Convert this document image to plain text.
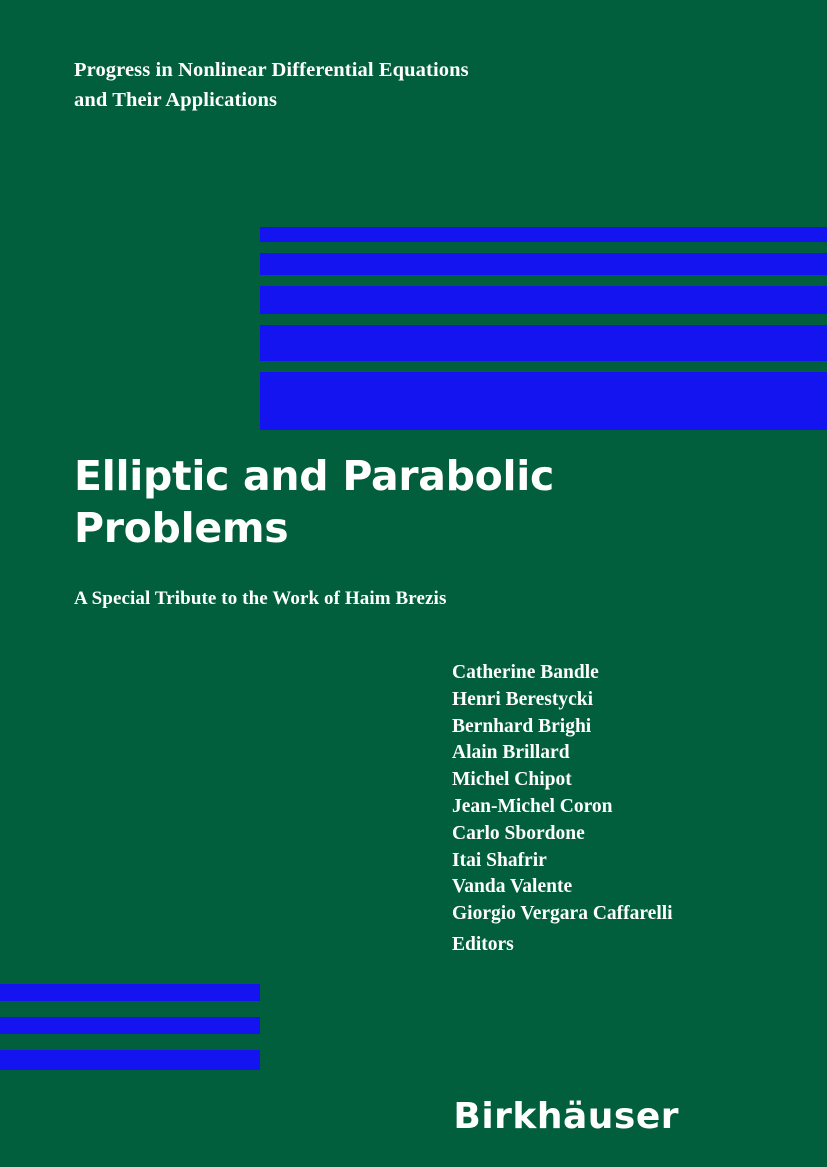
Progress in Nonlinear Differential Equations
and Their Applications
Elliptic and Parabolic
Problems
A Special Tribute to the Work of Haim Brezis
Catherine Bandle
Henri Berestycki
Bernhard Brighi
Alain Brillard
Michel Chipot
Jean-Michel Coron
Carlo Sbordone
Itai Shafrir
Vanda Valente
Giorgio Vergara Caffarelli
Editors
Birkhäuser
